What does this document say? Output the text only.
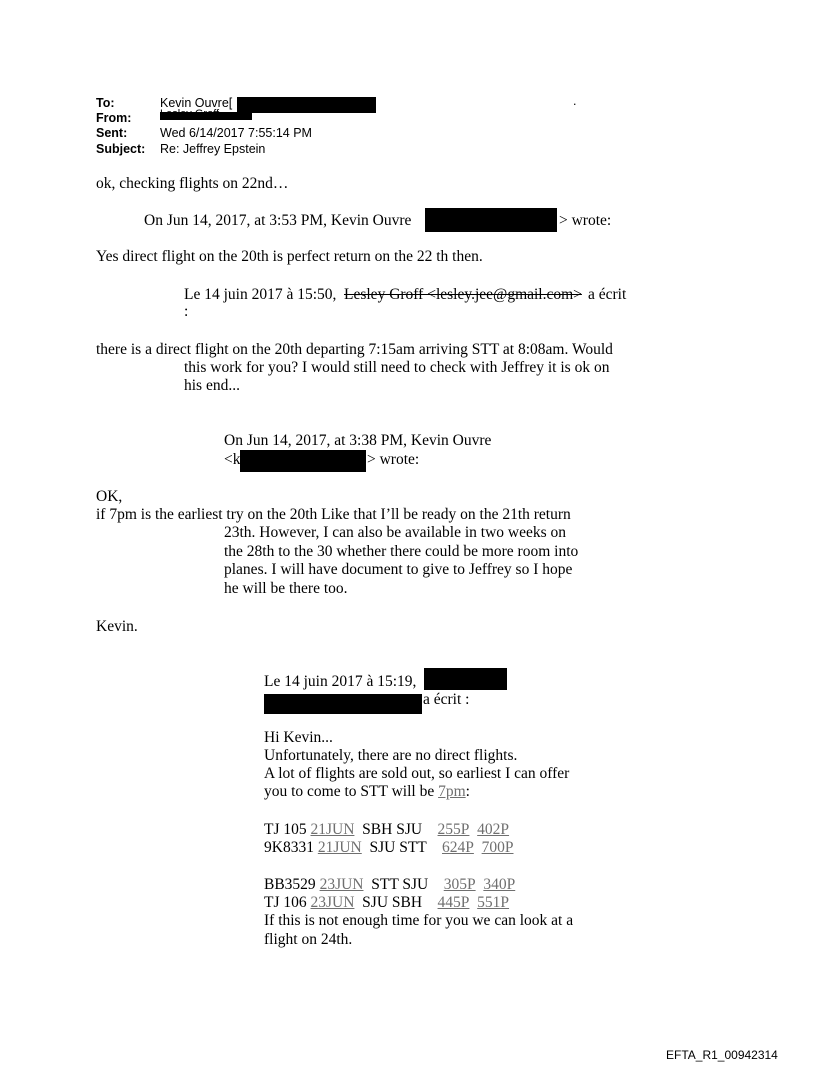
To:	Kevin Ouvre[	.
From:
Sent:	Wed 6/14/2017 7:55:14 PM
Subject: Re: Jeffrey Epstein
ok, checking flights on 22nd…
On Jun 14, 2017, at 3:53 PM, Kevin Ouvre	> wrote:
Yes direct flight on the 20th is perfect return on the 22 th then.
Le 14 juin 2017 à 15:50, Lesley Groff <lesley.jee@gmail.com> a écrit
:
there is a direct flight on the 20th departing 7:15am arriving STT at 8:08am. Would
this work for you? I would still need to check with Jeffrey it is ok on
his end...
On Jun 14, 2017, at 3:38 PM, Kevin Ouvre
<k	> wrote:
OK,
if 7pm is the earliest try on the 20th Like that I’ll be ready on the 21th return
23th. However, I can also be available in two weeks on
the 28th to the 30 whether there could be more room into
planes. I will have document to give to Jeffrey so I hope
he will be there too.
Kevin.
Le 14 juin 2017 à 15:19,
a écrit :
Hi Kevin...
Unfortunately, there are no direct flights.
A lot of flights are sold out, so earliest I can offer
you to come to STT will be 7pm:
TJ 105 21JUN  SBH SJU    255P 402P
9K8331 21JUN  SJU STT    624P 700P
BB3529 23JUN  STT SJU    305P 340P
TJ 106 23JUN  SJU SBH    445P 551P
If this is not enough time for you we can look at a
flight on 24th.
EFTA_R1_00942314
